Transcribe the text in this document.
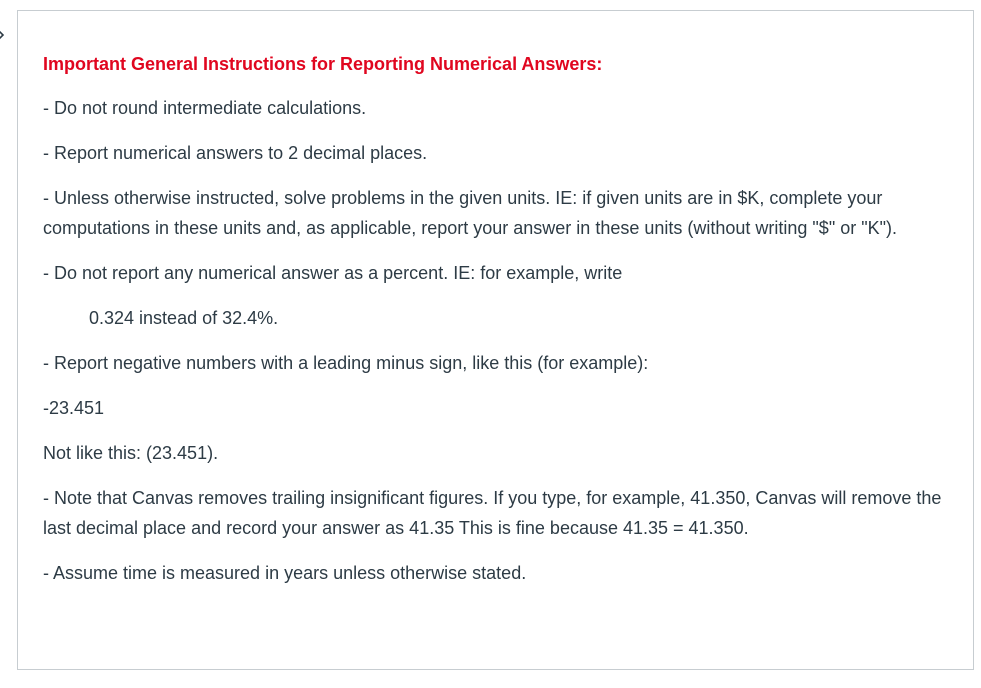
Important General Instructions for Reporting Numerical Answers:

- Do not round intermediate calculations.

- Report numerical answers to 2 decimal places.

- Unless otherwise instructed, solve problems in the given units. IE: if given units are in $K, complete your computations in these units and, as applicable, report your answer in these units (without writing "$" or "K").

- Do not report any numerical answer as a percent. IE: for example, write

0.324 instead of 32.4%.

- Report negative numbers with a leading minus sign, like this (for example):

-23.451

Not like this: (23.451).

- Note that Canvas removes trailing insignificant figures. If you type, for example, 41.350, Canvas will remove the last decimal place and record your answer as 41.35 This is fine because 41.35 = 41.350.

- Assume time is measured in years unless otherwise stated.
